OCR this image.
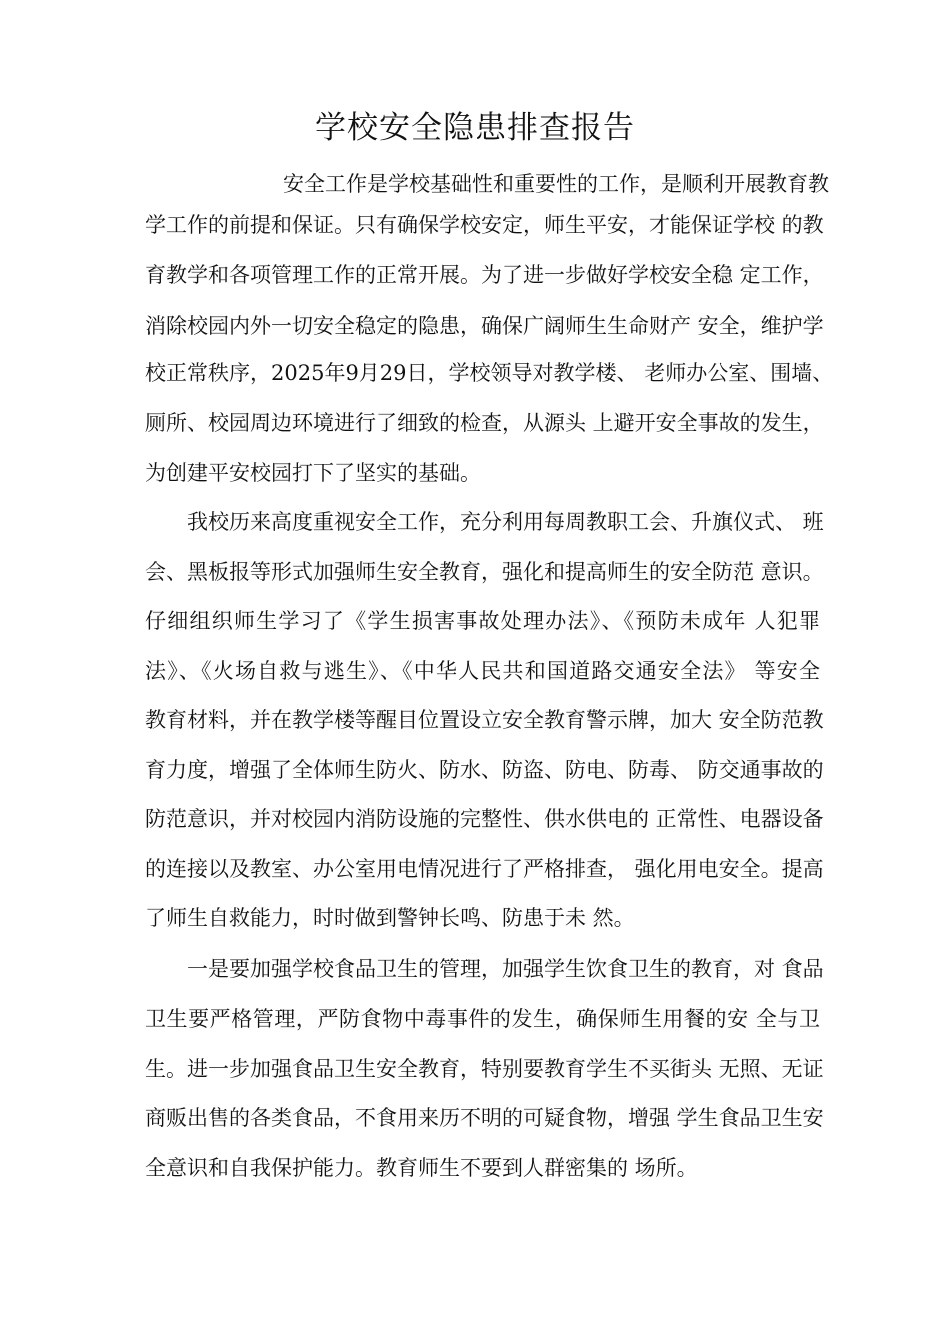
学校安全隐患排查报告

安全工作是学校基础性和重要性的工作，是顺利开展教育教

学工作的前提和保证。只有确保学校安定，师生平安，才能保证学校 的教

育教学和各项管理工作的正常开展。为了进一步做好学校安全稳 定工作，

消除校园内外一切安全稳定的隐患，确保广阔师生生命财产 安全，维护学

校正常秩序，2025年9月29日，学校领导对教学楼、 老师办公室、围墙、

厕所、校园周边环境进行了细致的检查，从源头 上避开安全事故的发生，

为创建平安校园打下了坚实的基础。

我校历来高度重视安全工作，充分利用每周教职工会、升旗仪式、 班

会、黑板报等形式加强师生安全教育，强化和提高师生的安全防范 意识。

仔细组织师生学习了《学生损害事故处理办法》、《预防未成年 人犯罪

法》、《火场自救与逃生》、《中华人民共和国道路交通安全法》 等安全

教育材料，并在教学楼等醒目位置设立安全教育警示牌，加大 安全防范教

育力度，增强了全体师生防火、防水、防盗、防电、防毒、 防交通事故的

防范意识，并对校园内消防设施的完整性、供水供电的 正常性、电器设备

的连接以及教室、办公室用电情况进行了严格排查， 强化用电安全。提高

了师生自救能力，时时做到警钟长鸣、防患于未 然。

一是要加强学校食品卫生的管理，加强学生饮食卫生的教育，对 食品

卫生要严格管理，严防食物中毒事件的发生，确保师生用餐的安 全与卫

生。进一步加强食品卫生安全教育，特别要教育学生不买街头 无照、无证

商贩出售的各类食品，不食用来历不明的可疑食物，增强 学生食品卫生安

全意识和自我保护能力。教育师生不要到人群密集的 场所。
